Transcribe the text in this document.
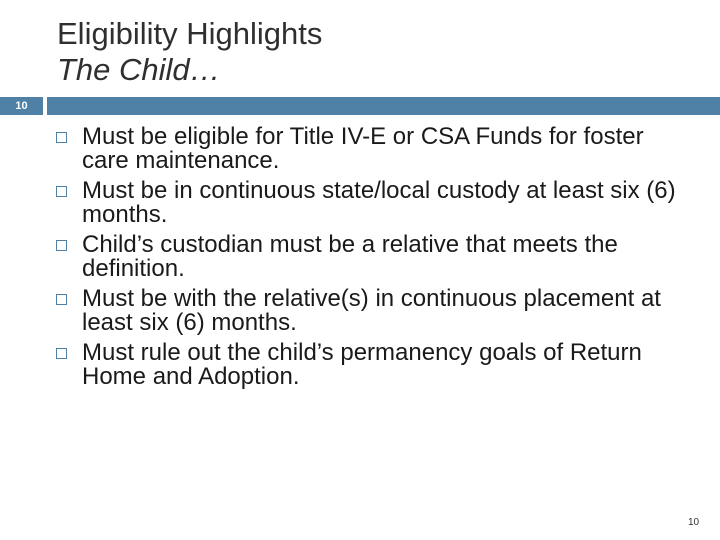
Eligibility Highlights
The Child…
10
Must be eligible for Title IV-E or CSA Funds for foster care maintenance.
Must be in continuous state/local custody at least six (6) months.
Child’s custodian must be a relative that meets the definition.
Must be with the relative(s) in continuous placement at least six (6) months.
Must rule out the child’s permanency goals of Return Home and Adoption.
10
